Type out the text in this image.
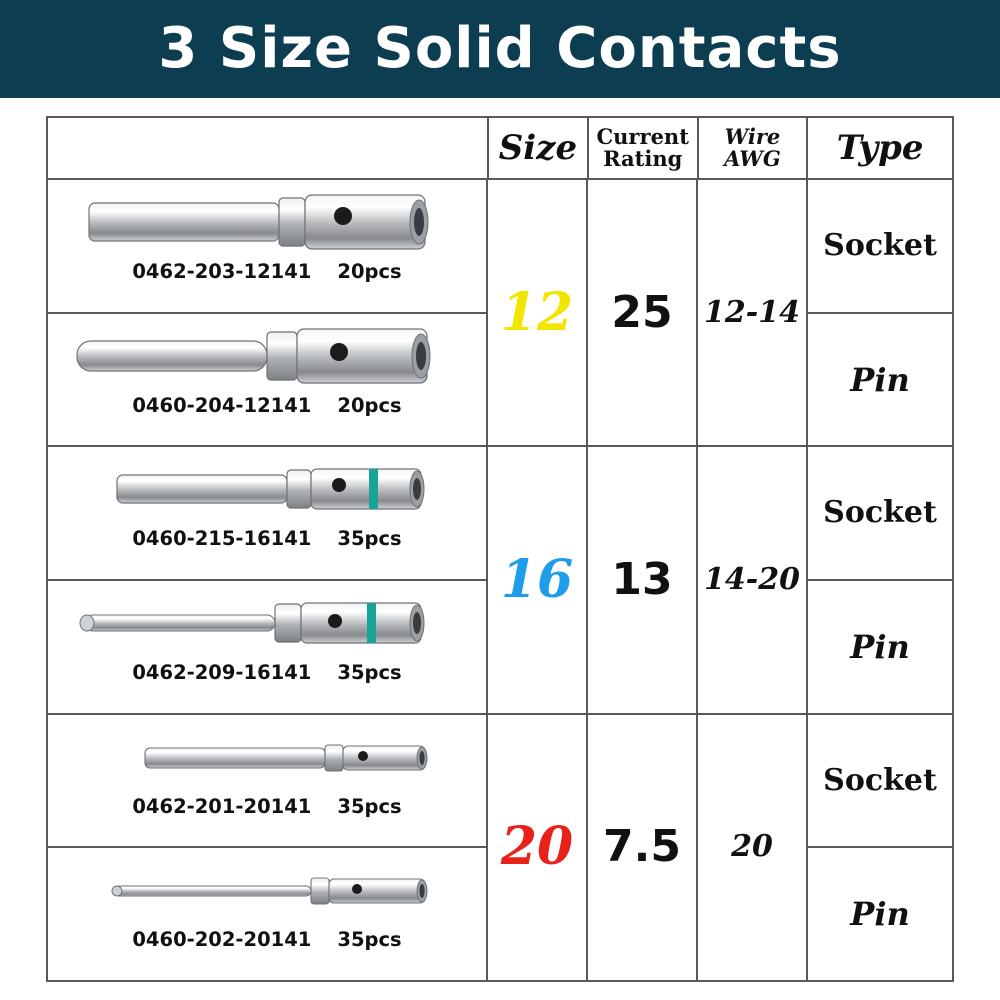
3 Size Solid Contacts
Size Current
Rating
Wire
AWG	Type
0462-203-12141 20pcs
0460-204-12141 20pcs
0460-215-16141 35pcs
0462-209-16141 35pcs
0462-201-20141 35pcs
0460-202-20141 35pcs
12
16
20
25
13
7.5
12-14
14-20
20
Socket
Pin
Socket
Pin
Socket
Pin
